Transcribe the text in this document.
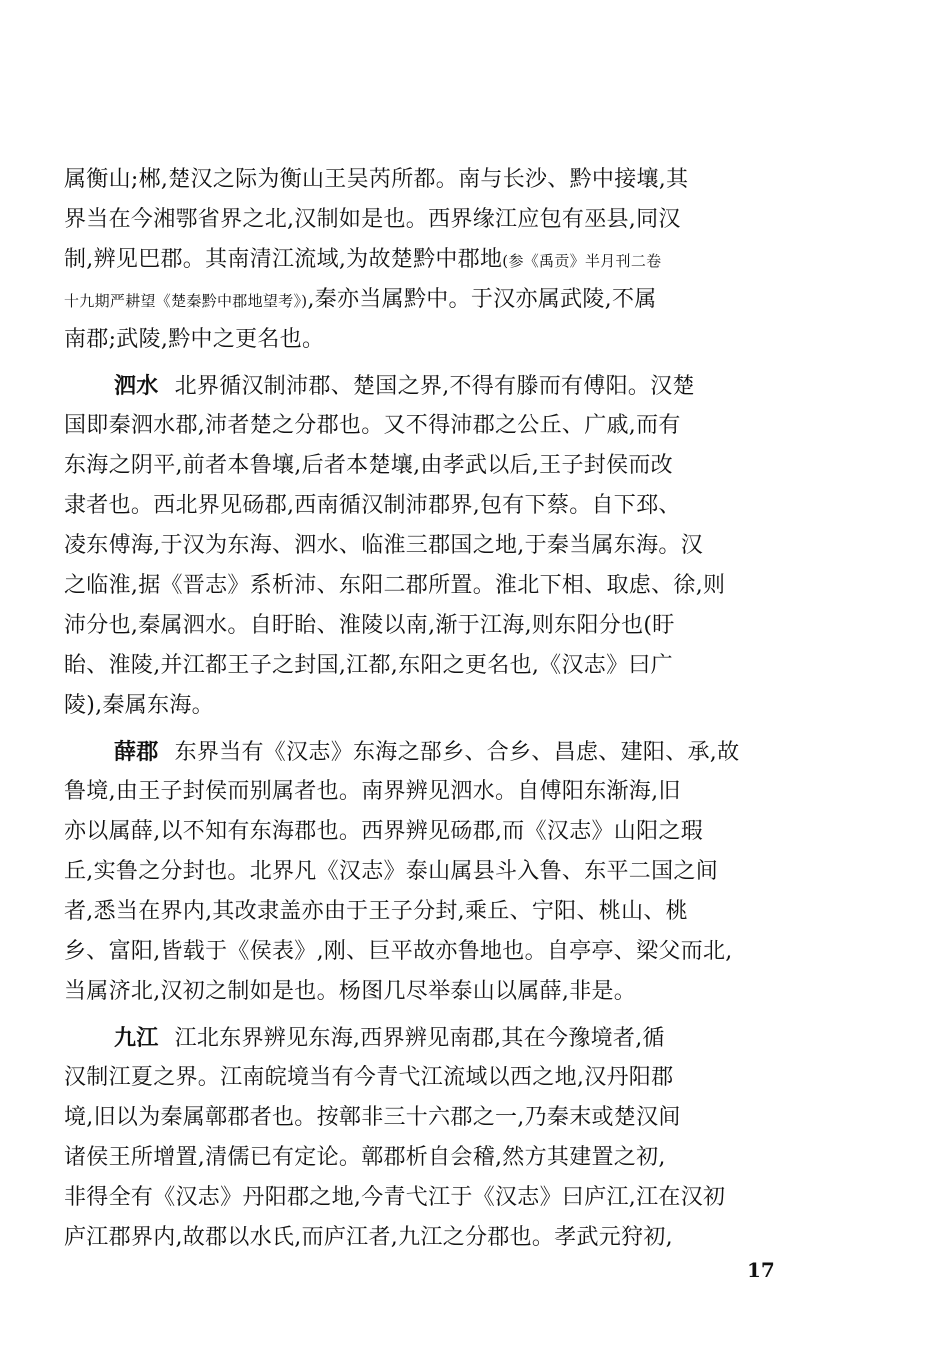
属衡山;郴,楚汉之际为衡山王吴芮所都。南与长沙、黔中接壤,其
界当在今湘鄂省界之北,汉制如是也。西界缘江应包有巫县,同汉
制,辨见巴郡。其南清江流域,为故楚黔中郡地(参《禹贡》半月刊二卷
十九期严耕望《楚秦黔中郡地望考》),秦亦当属黔中。于汉亦属武陵,不属
南郡;武陵,黔中之更名也。
泗水 北界循汉制沛郡、楚国之界,不得有滕而有傅阳。汉楚
国即秦泗水郡,沛者楚之分郡也。又不得沛郡之公丘、广戚,而有
东海之阴平,前者本鲁壤,后者本楚壤,由孝武以后,王子封侯而改
隶者也。西北界见砀郡,西南循汉制沛郡界,包有下蔡。自下邳、
凌东傅海,于汉为东海、泗水、临淮三郡国之地,于秦当属东海。汉
之临淮,据《晋志》系析沛、东阳二郡所置。淮北下相、取虑、徐,则
沛分也,秦属泗水。自盱眙、淮陵以南,渐于江海,则东阳分也(盱
眙、淮陵,并江都王子之封国,江都,东阳之更名也,《汉志》曰广
陵),秦属东海。
薛郡 东界当有《汉志》东海之郚乡、合乡、昌虑、建阳、承,故
鲁境,由王子封侯而别属者也。南界辨见泗水。自傅阳东渐海,旧
亦以属薛,以不知有东海郡也。西界辨见砀郡,而《汉志》山阳之瑕
丘,实鲁之分封也。北界凡《汉志》泰山属县斗入鲁、东平二国之间
者,悉当在界内,其改隶盖亦由于王子分封,乘丘、宁阳、桃山、桃
乡、富阳,皆载于《侯表》,刚、巨平故亦鲁地也。自亭亭、梁父而北,
当属济北,汉初之制如是也。杨图几尽举泰山以属薛,非是。
九江 江北东界辨见东海,西界辨见南郡,其在今豫境者,循
汉制江夏之界。江南皖境当有今青弋江流域以西之地,汉丹阳郡
境,旧以为秦属鄣郡者也。按鄣非三十六郡之一,乃秦末或楚汉间
诸侯王所增置,清儒已有定论。鄣郡析自会稽,然方其建置之初,
非得全有《汉志》丹阳郡之地,今青弋江于《汉志》曰庐江,江在汉初
庐江郡界内,故郡以水氏,而庐江者,九江之分郡也。孝武元狩初,
17
